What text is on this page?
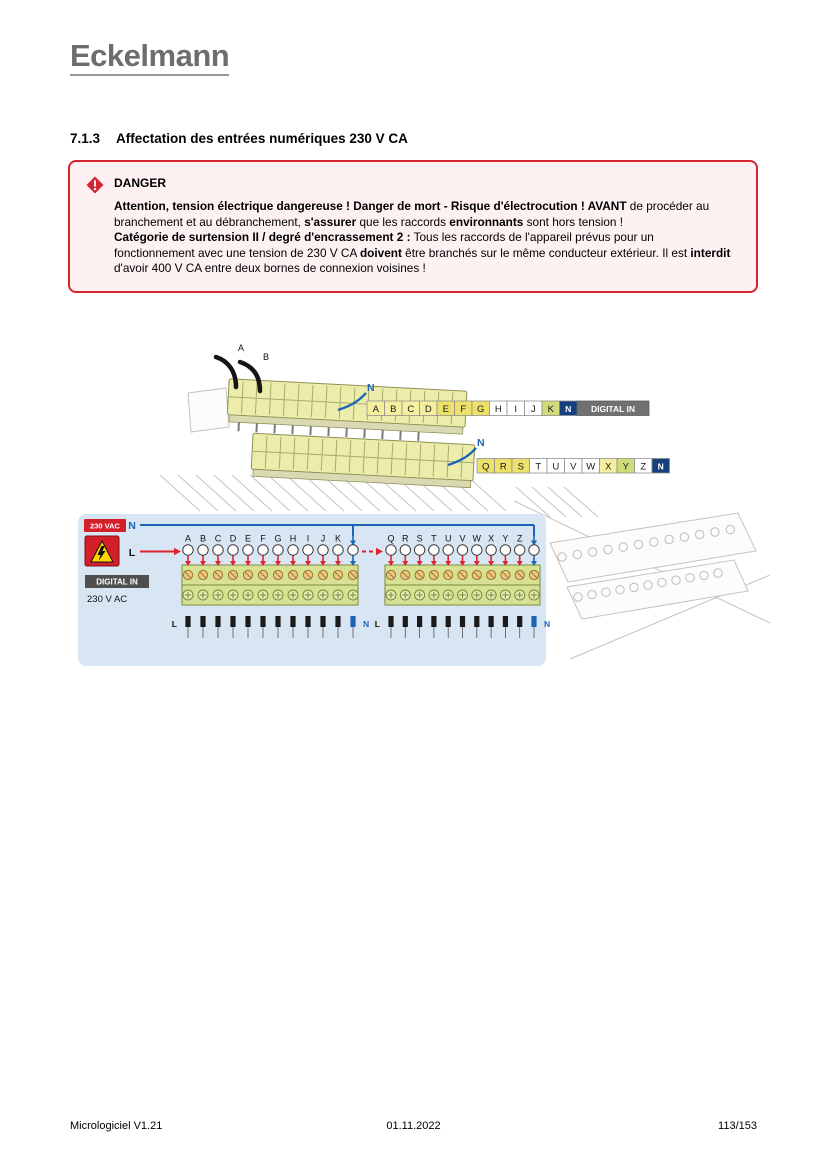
Eckelmann
7.1.3 Affectation des entrées numériques 230 V CA
DANGER

Attention, tension électrique dangereuse ! Danger de mort - Risque d'électrocution ! AVANT de procéder au branchement et au débranchement, s'assurer que les raccords environnants sont hors tension !

Catégorie de surtension II / degré d'encrassement 2 : Tous les raccords de l'appareil prévus pour un fonctionnement avec une tension de 230 V CA doivent être branchés sur le même conducteur extérieur. Il est interdit d'avoir 400 V CA entre deux bornes de connexion voisines !

A
B
N
N
A B C D E F G H I J K N DIGITAL IN
Q R S T U V W X Y Z N
230 VAC N
L
A B C D E F G H I J K	Q R S T U V W X Y Z
L	N L	N
DIGITAL IN
230 V AC
Micrologiciel V1.21	01.11.2022	113/153
